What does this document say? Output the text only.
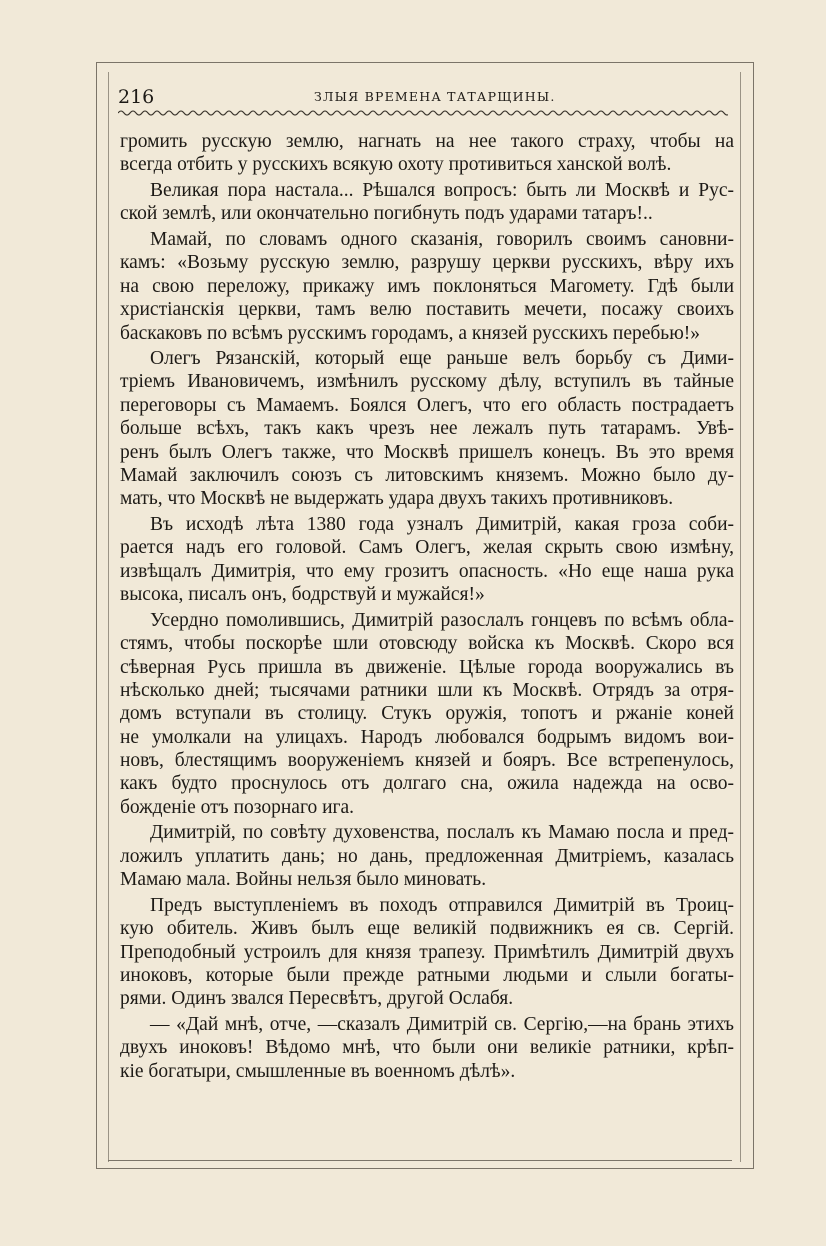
216	ЗЛЫЯ ВРЕМЕНА ТАТАРЩИНЫ.
громить русскую землю, нагнать на нее такого страху, чтобы на
всегда отбить у русскихъ всякую охоту противиться ханской волѣ.
Великая пора настала... Рѣшался вопросъ: быть ли Москвѣ и Рус-
ской землѣ, или окончательно погибнуть подъ ударами татаръ!..
Мамай, по словамъ одного сказанія, говорилъ своимъ сановни-
камъ: «Возьму русскую землю, разрушу церкви русскихъ, вѣру ихъ
на свою переложу, прикажу имъ поклоняться Магомету. Гдѣ были
христіанскія церкви, тамъ велю поставить мечети, посажу своихъ
баскаковъ по всѣмъ русскимъ городамъ, а князей русскихъ перебью!»
Олегъ Рязанскій, который еще раньше велъ борьбу съ Дими-
тріемъ Ивановичемъ, измѣнилъ русскому дѣлу, вступилъ въ тайные
переговоры съ Мамаемъ. Боялся Олегъ, что его область пострадаетъ
больше всѣхъ, такъ какъ чрезъ нее лежалъ путь татарамъ. Увѣ-
ренъ былъ Олегъ также, что Москвѣ пришелъ конецъ. Въ это время
Мамай заключилъ союзъ съ литовскимъ княземъ. Можно было ду-
мать, что Москвѣ не выдержать удара двухъ такихъ противниковъ.
Въ исходѣ лѣта 1380 года узналъ Димитрій, какая гроза соби-
рается надъ его головой. Самъ Олегъ, желая скрыть свою измѣну,
извѣщалъ Димитрія, что ему грозитъ опасность. «Но еще наша рука
высока, писалъ онъ, бодрствуй и мужайся!»
Усердно помолившись, Димитрій разослалъ гонцевъ по всѣмъ обла-
стямъ, чтобы поскорѣе шли отовсюду войска къ Москвѣ. Скоро вся
сѣверная Русь пришла въ движеніе. Цѣлые города вооружались въ
нѣсколько дней; тысячами ратники шли къ Москвѣ. Отрядъ за отря-
домъ вступали въ столицу. Стукъ оружія, топотъ и ржаніе коней
не умолкали на улицахъ. Народъ любовался бодрымъ видомъ вои-
новъ, блестящимъ вооруженіемъ князей и бояръ. Все встрепенулось,
какъ будто проснулось отъ долгаго сна, ожила надежда на осво-
божденіе отъ позорнаго ига.
Димитрій, по совѣту духовенства, послалъ къ Мамаю посла и пред-
ложилъ уплатить дань; но дань, предложенная Дмитріемъ, казалась
Мамаю мала. Войны нельзя было миновать.
Предъ выступленіемъ въ походъ отправился Димитрій въ Троиц-
кую обитель. Живъ былъ еще великій подвижникъ ея св. Сергій.
Преподобный устроилъ для князя трапезу. Примѣтилъ Димитрій двухъ
иноковъ, которые были прежде ратными людьми и слыли богаты-
рями. Одинъ звался Пересвѣтъ, другой Ослабя.
— «Дай мнѣ, отче, —сказалъ Димитрій св. Сергію,—на брань этихъ
двухъ иноковъ! Вѣдомо мнѣ, что были они великіе ратники, крѣп-
кіе богатыри, смышленные въ военномъ дѣлѣ».
